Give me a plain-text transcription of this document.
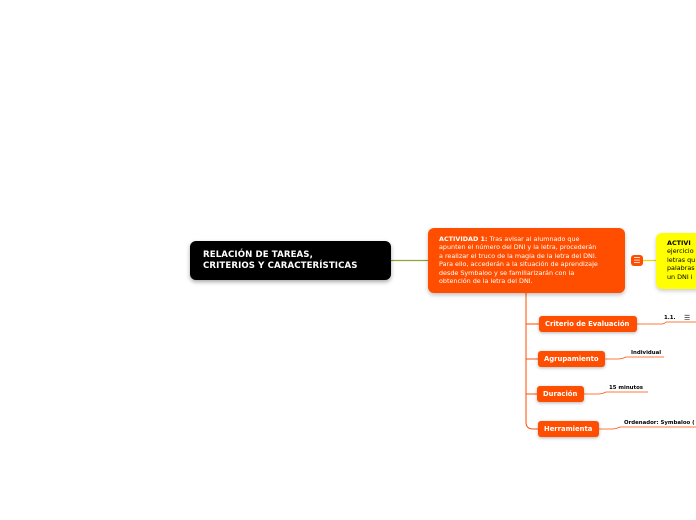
RELACIÓN DE TAREAS,
CRITERIOS Y CARACTERÍSTICAS
ACTIVIDAD 1: Tras avisar al alumnado que
apunten el número del DNI y la letra, procederán
a realizar el truco de la magia de la letra del DNI.
Para ello, accederán a la situación de aprendizaje
desde Symbaloo y se familiarizarán con la
obtención de la letra del DNI.
☰
ACTIVI
ejercicio
letras qu
palabras
un DNI i
Criterio de Evaluación
Agrupamiento
Duración
Herramienta
1.1. ☰
Individual
15 minutos
Ordenador: Symbaloo (
